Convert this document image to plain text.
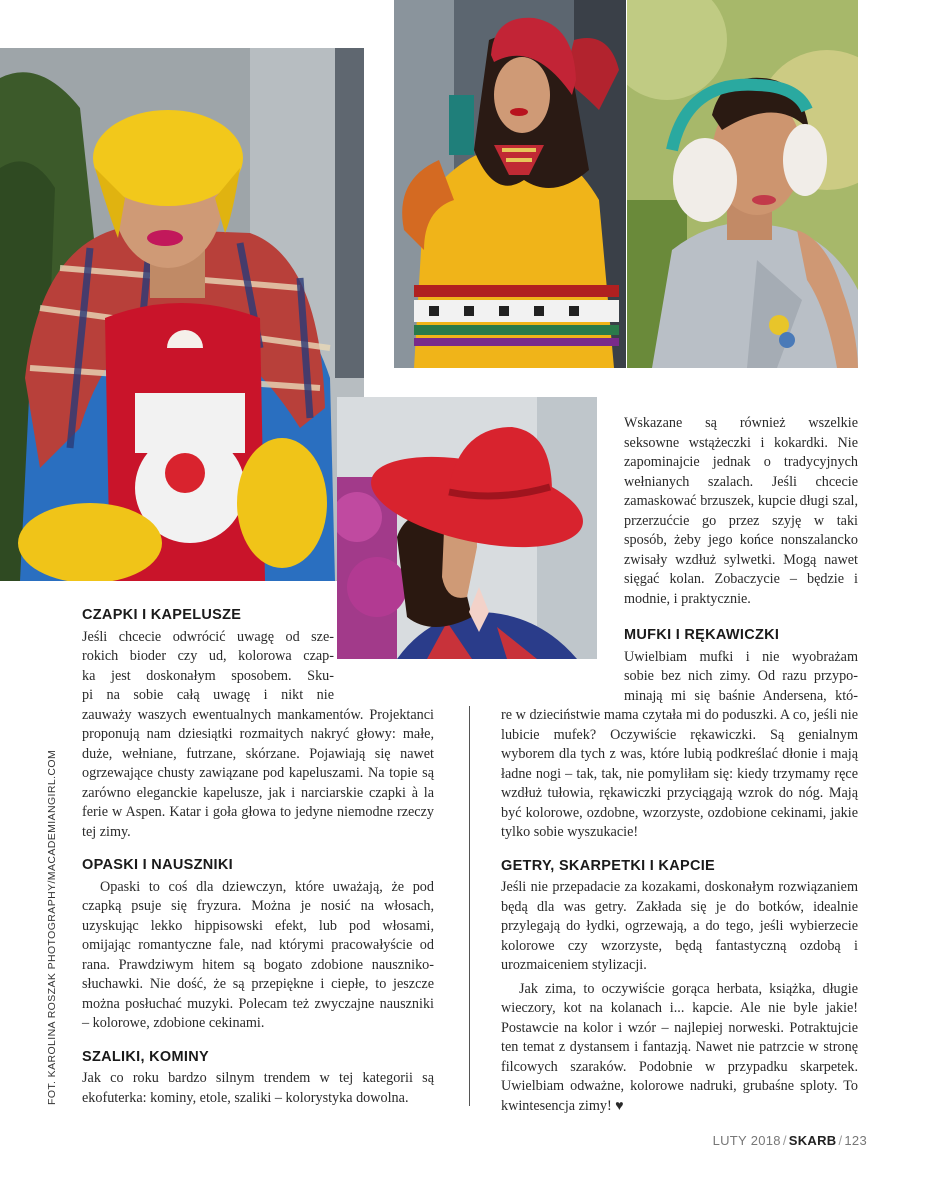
FOT. KAROLINA ROSZAK PHOTOGRAPHY/MACADEMIANGIRL.COM
CZAPKI I KAPELUSZE
Jeśli chcecie odwrócić uwagę od sze-
rokich bioder czy ud, kolorowa czap-
ka jest doskonałym sposobem. Sku-
pi na sobie całą uwagę i nikt nie

zauważy waszych ewentualnych mankamentów. Projektanci proponują nam dziesiątki rozmaitych nakryć głowy: małe, duże, wełniane, futrzane, skórzane. Pojawiają się nawet ogrzewające chusty zawiązane pod kapeluszami. Na topie są zarówno eleganckie kapelusze, jak i narciarskie czapki à la ferie w Aspen. Katar i goła głowa to jedyne niemodne rzeczy tej zimy.

OPASKI I NAUSZNIKI

Opaski to coś dla dziewczyn, które uważają, że pod czapką psuje się fryzura. Można je nosić na włosach, uzyskując lekko hippisowski efekt, lub pod włosami, omijając romantyczne fale, nad którymi pracowałyście od rana. Prawdziwym hitem są bogato zdobione nauszniko-słuchawki. Nie dość, że są przepiękne i ciepłe, to jeszcze można posłuchać muzyki. Polecam też zwyczajne nauszniki – kolorowe, zdobione cekinami.

SZALIKI, KOMINY

Jak co roku bardzo silnym trendem w tej kategorii są ekofuterka: kominy, etole, szaliki – kolorystyka dowolna.

Wskazane są również wszelkie seksowne wstążeczki i kokardki. Nie zapominajcie jednak o tradycyjnych wełnianych szalach. Jeśli chcecie zamaskować brzuszek, kupcie długi szal, przerzućcie go przez szyję w taki sposób, żeby jego końce nonszalancko zwisały wzdłuż sylwetki. Mogą nawet sięgać kolan. Zobaczycie – będzie i modnie, i praktycznie.

MUFKI I RĘKAWICZKI
Uwielbiam mufki i nie wyobrażam
sobie bez nich zimy. Od razu przypo-
minają mi się baśnie Andersena, któ-

re w dzieciństwie mama czytała mi do poduszki. A co, jeśli nie lubicie mufek? Oczywiście rękawiczki. Są genialnym wyborem dla tych z was, które lubią podkreślać dłonie i mają ładne nogi – tak, tak, nie pomyliłam się: kiedy trzymamy ręce wzdłuż tułowia, rękawiczki przyciągają wzrok do nóg. Mają być kolorowe, ozdobne, wzorzyste, ozdobione cekinami, jakie tylko sobie wyszukacie!

GETRY, SKARPETKI I KAPCIE

Jeśli nie przepadacie za kozakami, doskonałym rozwiązaniem będą dla was getry. Zakłada się je do botków, idealnie przylegają do łydki, ogrzewają, a do tego, jeśli wybierzecie kolorowe czy wzorzyste, będą fantastyczną ozdobą i urozmaiceniem stylizacji.

Jak zima, to oczywiście gorąca herbata, książka, długie wieczory, kot na kolanach i... kapcie. Ale nie byle jakie! Postawcie na kolor i wzór – najlepiej norweski. Potraktujcie ten temat z dystansem i fantazją. Nawet nie patrzcie w stronę filcowych szaraków. Podobnie w przypadku skarpetek. Uwielbiam odważne, kolorowe nadruki, grubaśne sploty. To kwintesencja zimy! ♥

LUTY 2018 / SKARB / 123
